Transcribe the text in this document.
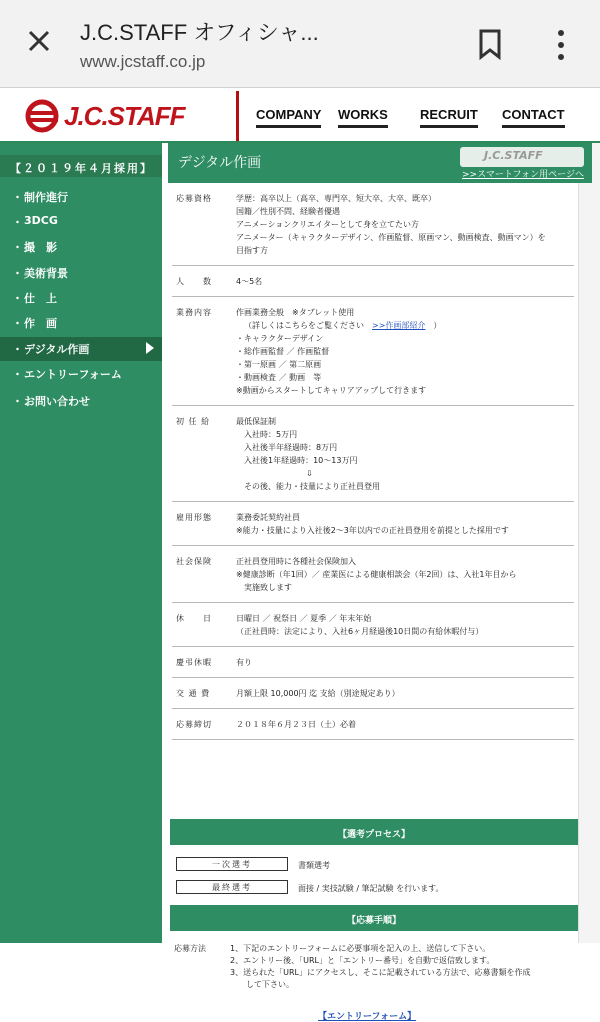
J.C.STAFF オフィシャ...
www.jcstaff.co.jp
J.C.STAFF	COMPANY WORKS RECRUIT CONTACT
【２０１９年４月採用】
・ 制作進行
・ 3DCG
・ 撮　影
・ 美術背景
・ 仕　上
・ 作　画
・ デジタル作画
・ エントリーフォーム
・ お問い合わせ
デジタル作画	J.C.STAFF
>>スマートフォン用ページへ
応募資格	学歴：高卒以上（高卒、専門卒、短大卒、大卒、既卒）
国籍／性別不問、経験者優遇
アニメーションクリエイターとして身を立てたい方
アニメーター（キャラクターデザイン、作画監督、原画マン、動画検査、動画マン）を
目指す方
人　　数	4～5名
業務内容	作画業務全般　※タブレット使用
（詳しくはこちらをご覧ください　>>作画部紹介　）
・キャラクターデザイン
・総作画監督 ／ 作画監督
・第一原画 ／ 第二原画
・動画検査 ／ 動画　等
※動画からスタートしてキャリアアップして行きます
初 任 給	最低保証制
入社時：5万円
入社後半年経過時：8万円
入社後1年経過時：10～13万円
⇩
その後、能力・技量により正社員登用
雇用形態	業務委託契約社員
※能力・技量により入社後2～3年以内での正社員登用を前提とした採用です
社会保険	正社員登用時に各種社会保険加入
※健康診断（年1回）／ 産業医による健康相談会（年2回）は、入社1年目から
　実施致します
休　　日	日曜日 ／ 祝祭日 ／ 夏季 ／ 年末年始
（正社員時：法定により、入社6ヶ月経過後10日間の有給休暇付与）
慶弔休暇	有り
交 通 費	月額上限 10,000円 迄 支給（別途規定あり）
応募締切	２０１８年６月２３日（土）必着
【選考プロセス】
一次選考	書類選考
最終選考	面接 / 実技試験 / 筆記試験 を行います。
【応募手順】
応募方法	1、下記のエントリーフォームに必要事項を記入の上、送信して下さい。
2、エントリー後、「URL」と「エントリー番号」を自動で返信致します。
3、送られた「URL」にアクセスし、そこに記載されている方法で、応募書類を作成
　　して下さい。
【エントリーフォーム】
